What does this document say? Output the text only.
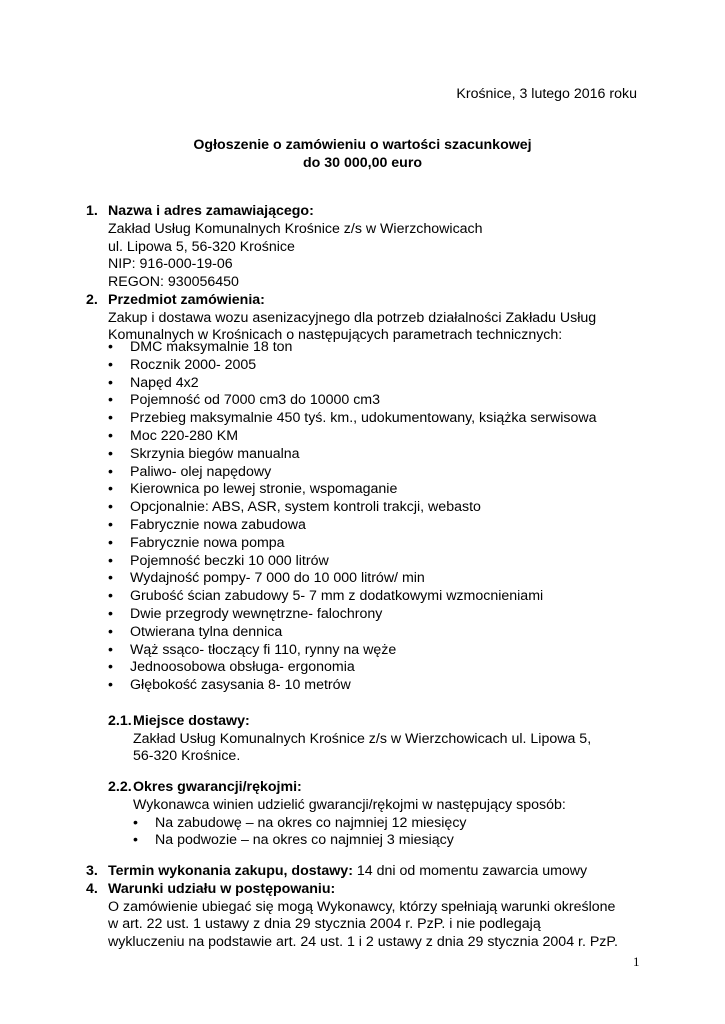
Krośnice, 3 lutego 2016 roku
Ogłoszenie o zamówieniu o wartości szacunkowej
do 30 000,00 euro
1. Nazwa i adres zamawiającego:
Zakład Usług Komunalnych Krośnice z/s w Wierzchowicach
ul. Lipowa 5, 56-320 Krośnice
NIP: 916-000-19-06
REGON: 930056450
2. Przedmiot zamówienia:
Zakup i dostawa wozu asenizacyjnego dla potrzeb działalności Zakładu Usług
Komunalnych w Krośnicach o następujących parametrach technicznych:
• DMC maksymalnie 18 ton
• Rocznik 2000- 2005
• Napęd 4x2
• Pojemność od 7000 cm3 do 10000 cm3
• Przebieg maksymalnie 450 tyś. km., udokumentowany, książka serwisowa
• Moc 220-280 KM
• Skrzynia biegów manualna
• Paliwo- olej napędowy
• Kierownica po lewej stronie, wspomaganie
• Opcjonalnie: ABS, ASR, system kontroli trakcji, webasto
• Fabrycznie nowa zabudowa
• Fabrycznie nowa pompa
• Pojemność beczki 10 000 litrów
• Wydajność pompy- 7 000 do 10 000 litrów/ min
• Grubość ścian zabudowy 5- 7 mm z dodatkowymi wzmocnieniami
• Dwie przegrody wewnętrzne- falochrony
• Otwierana tylna dennica
• Wąż ssąco- tłoczący fi 110, rynny na węże
• Jednoosobowa obsługa- ergonomia
• Głębokość zasysania 8- 10 metrów
2.1. Miejsce dostawy:
Zakład Usług Komunalnych Krośnice z/s w Wierzchowicach ul. Lipowa 5,
56-320 Krośnice.
2.2. Okres gwarancji/rękojmi:
Wykonawca winien udzielić gwarancji/rękojmi w następujący sposób:
• Na zabudowę – na okres co najmniej 12 miesięcy
• Na podwozie – na okres co najmniej 3 miesiący
3. Termin wykonania zakupu, dostawy: 14 dni od momentu zawarcia umowy
4. Warunki udziału w postępowaniu:
O zamówienie ubiegać się mogą Wykonawcy, którzy spełniają warunki określone
w art. 22 ust. 1 ustawy z dnia 29 stycznia 2004 r. PzP. i nie podlegają
wykluczeniu na podstawie art. 24 ust. 1 i 2 ustawy z dnia 29 stycznia 2004 r. PzP.
1
